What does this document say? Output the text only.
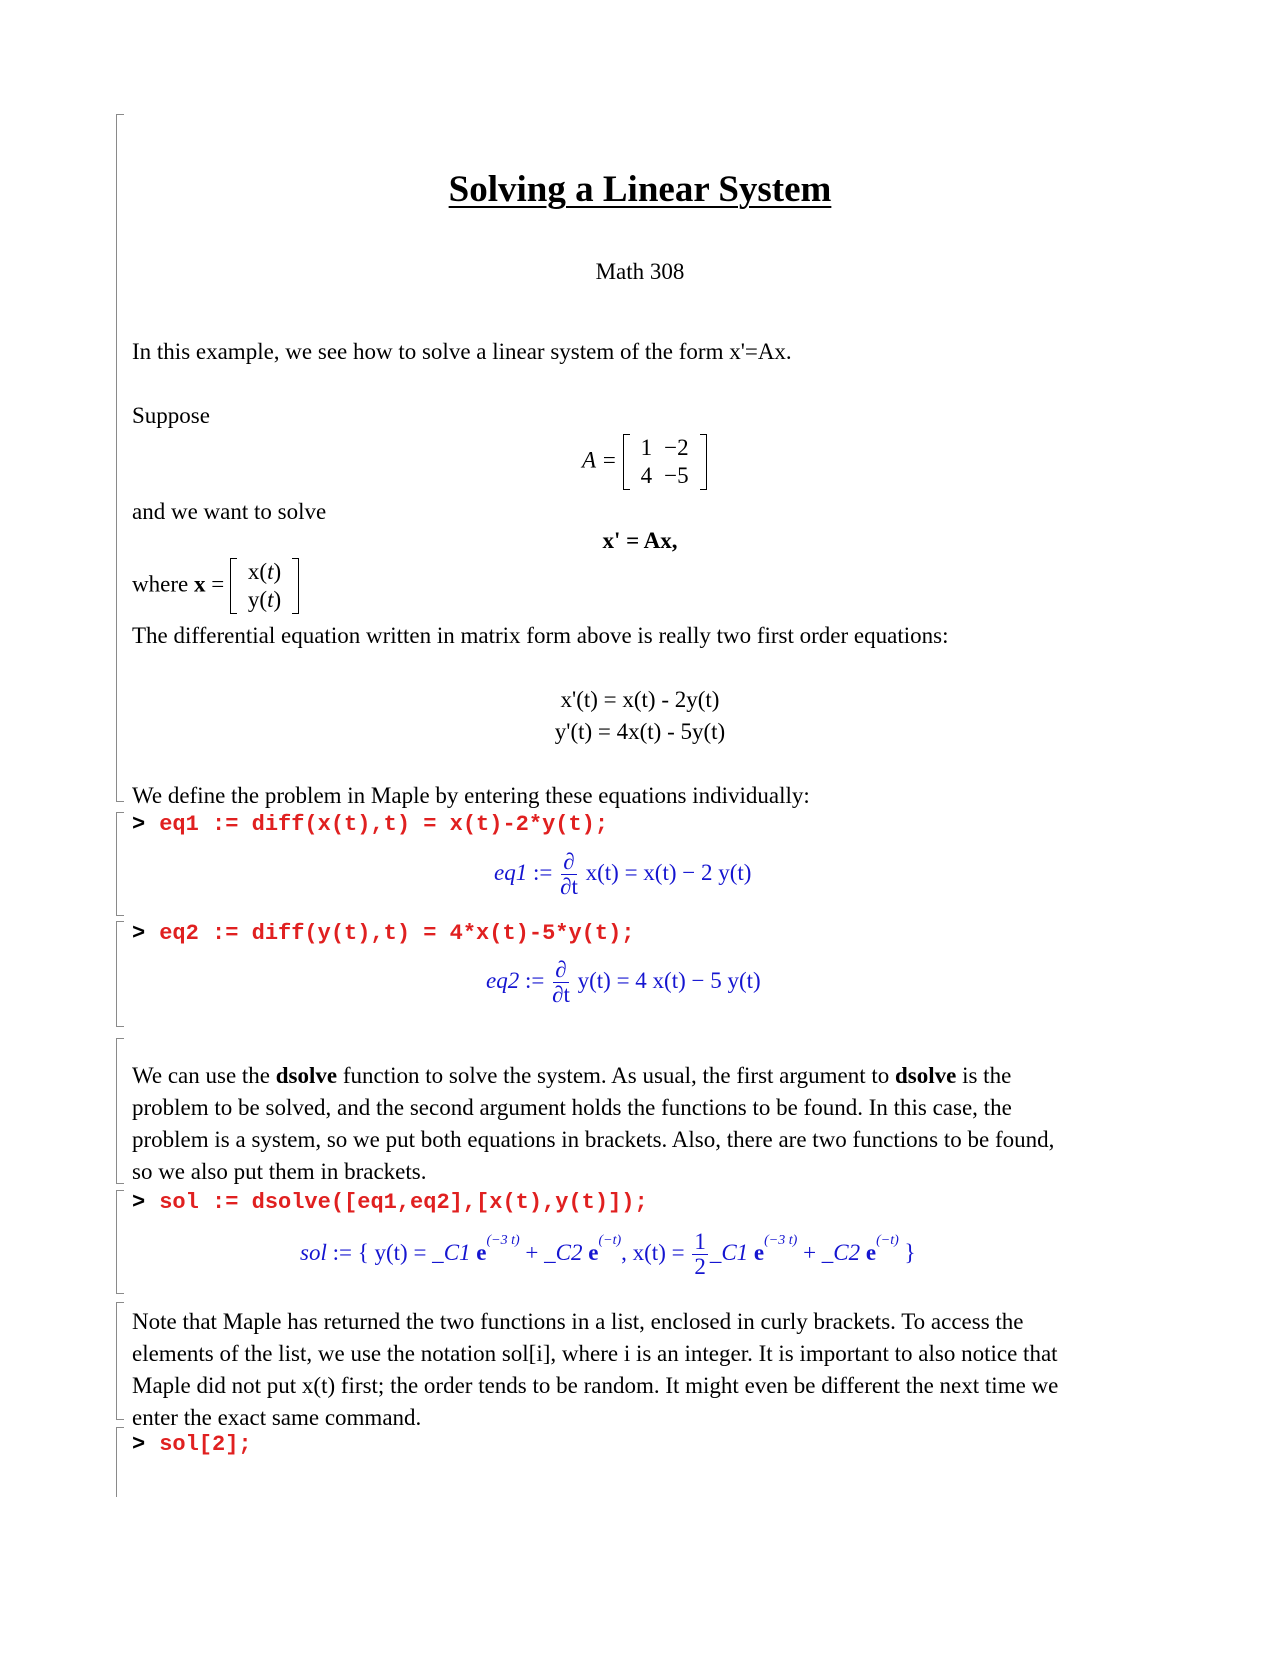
Solving a Linear System
Math 308
In this example, we see how to solve a linear system of the form x'=Ax.
Suppose
A = 1	−2
4	−5
and we want to solve
x' = Ax,
where x = x(t)
y(t)
The differential equation written in matrix form above is really two first order equations:
x'(t) = x(t) - 2y(t)
y'(t) = 4x(t) - 5y(t)
We define the problem in Maple by entering these equations individually:
> eq1 := diff(x(t),t) = x(t)-2*y(t);
eq1 := $\frac{\partial}{\partial t} x(t) = x(t) - 2$ y(t)
> eq2 := diff(y(t),t) = 4*x(t)-5*y(t);
eq2 := $\frac{\partial}{\partial t} y(t) = 4$ x(t) − 5 y(t)
We can use the dsolve function to solve the system. As usual, the first argument to dsolve is the
problem to be solved, and the second argument holds the functions to be found. In this case, the
problem is a system, so we put both equations in brackets. Also, there are two functions to be found,
so we also put them in brackets.
> sol := dsolve([eq1,eq2],[x(t),y(t)]);
sol := { y(t) = _C1 $e^{(-3 t)}$ + _C2 $e^{(-t)}$, $x(t) = \frac{1}{2}$ _C1 $e^{(-3 t)}$ + _C2 $e^{(-t)}$ }
Note that Maple has returned the two functions in a list, enclosed in curly brackets. To access the
elements of the list, we use the notation sol[i], where i is an integer. It is important to also notice that
Maple did not put x(t) first; the order tends to be random. It might even be different the next time we
enter the exact same command.
> sol[2];
